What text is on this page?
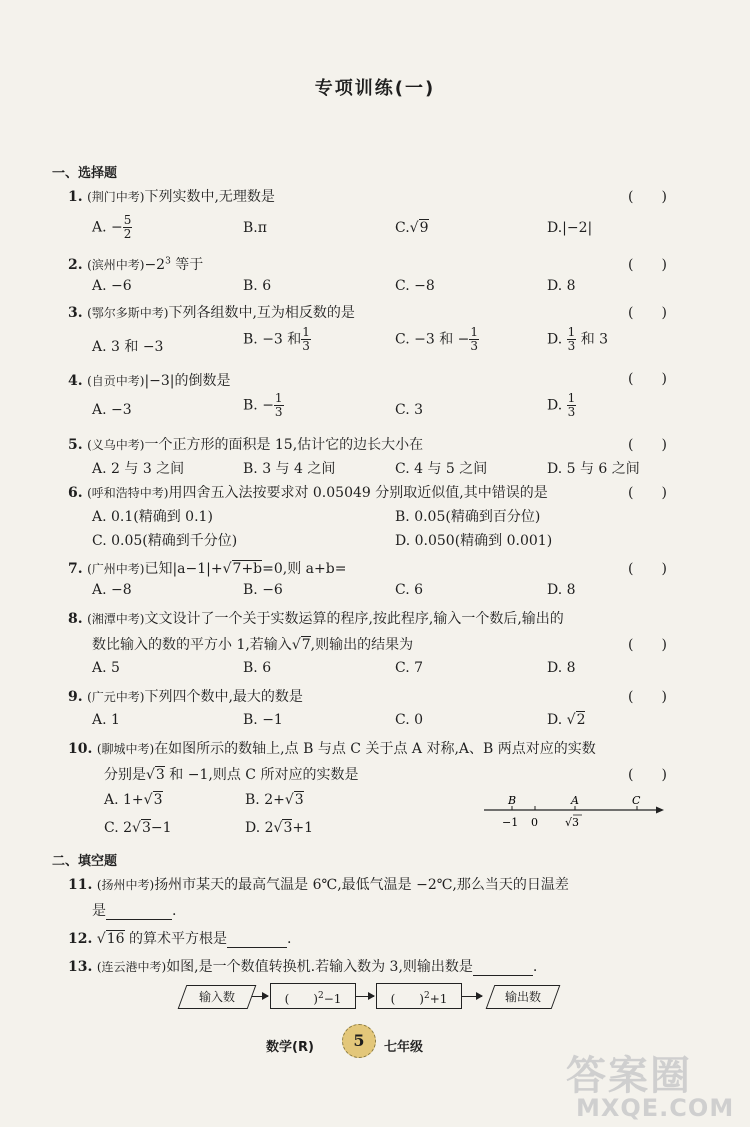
专项训练(一)
一、选择题
1. (荆门中考)下列实数中,无理数是	(　　)
A. − $\frac{5}{2}$	B.π	C.√9	D.|−2|
2. (滨州中考)$-2^3$ 等于	(　　)
A. −6	B. 6	C. −8	D. 8
3. (鄂尔多斯中考)下列各组数中,互为相反数的是	(　　)
A. 3 和 −3	B. −3 和 $\frac{1}{3}$	C. −3 和 − $\frac{1}{3}$	D. $\frac{1}{3}$ 和 3
4. (自贡中考)|−3|的倒数是	(　　)
A. −3	B. − $\frac{1}{3}$	C. 3	D. $\frac{1}{3}$
5. (义乌中考)一个正方形的面积是 15,估计它的边长大小在	(　　)
A. 2 与 3 之间	B. 3 与 4 之间	C. 4 与 5 之间	D. 5 与 6 之间
6. (呼和浩特中考)用四舍五入法按要求对 0.05049 分别取近似值,其中错误的是	(　　)
A. 0.1(精确到 0.1)	B. 0.05(精确到百分位)
C. 0.05(精确到千分位)	D. 0.050(精确到 0.001)
7. (广州中考)已知|a−1|+√7+b=0,则 a+b=	(　　)
A. −8	B. −6	C. 6	D. 8
8. (湘潭中考)文文设计了一个关于实数运算的程序,按此程序,输入一个数后,输出的
数比输入的数的平方小 1,若输入√7,则输出的结果为	(　　)
A. 5	B. 6	C. 7	D. 8
9. (广元中考)下列四个数中,最大的数是	(　　)
A. 1	B. −1	C. 0	D. √2
10. (聊城中考)在如图所示的数轴上,点 B 与点 C 关于点 A 对称,A、B 两点对应的实数
分别是√3 和 −1,则点 C 所对应的实数是	(　　)
A. 1+√3	B. 2+√3
C. 2√3−1	D. 2√3+1
B	A	C
−1 0 √3
二、填空题
11. (扬州中考)扬州市某天的最高气温是 6℃,最低气温是 −2℃,那么当天的日温差
是	.
12. √16 的算术平方根是	.
13. (连云港中考)如图,是一个数值转换机.若输入数为 3,则输出数是	.
输入数	(　　)$^2$−1	(　　)$^2$+1	输出数
数学(R)	5	七年级
答案圈
MXQE.COM
